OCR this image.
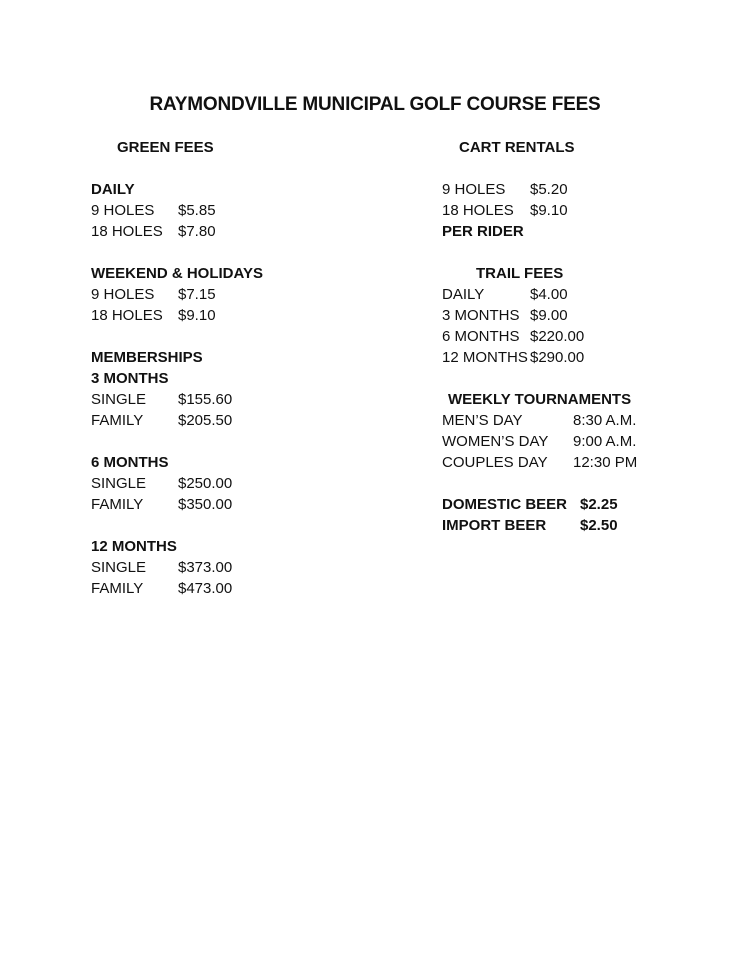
RAYMONDVILLE MUNICIPAL GOLF COURSE FEES
GREEN FEES
DAILY
9 HOLES $5.85
18 HOLES $7.80
WEEKEND & HOLIDAYS
9 HOLES $7.15
18 HOLES $9.10
MEMBERSHIPS
3 MONTHS
SINGLE $155.60
FAMILY $205.50
6 MONTHS
SINGLE $250.00
FAMILY $350.00
12 MONTHS
SINGLE $373.00
FAMILY $473.00
CART RENTALS
9 HOLES $5.20
18 HOLES $9.10
PER RIDER
TRAIL FEES
DAILY	$4.00
3 MONTHS $9.00
6 MONTHS $220.00
12 MONTHS $290.00
WEEKLY TOURNAMENTS
MEN’S DAY	8:30 A.M.
WOMEN’S DAY 9:00 A.M.
COUPLES DAY 12:30 PM
DOMESTIC BEER $2.25
IMPORT BEER $2.50
